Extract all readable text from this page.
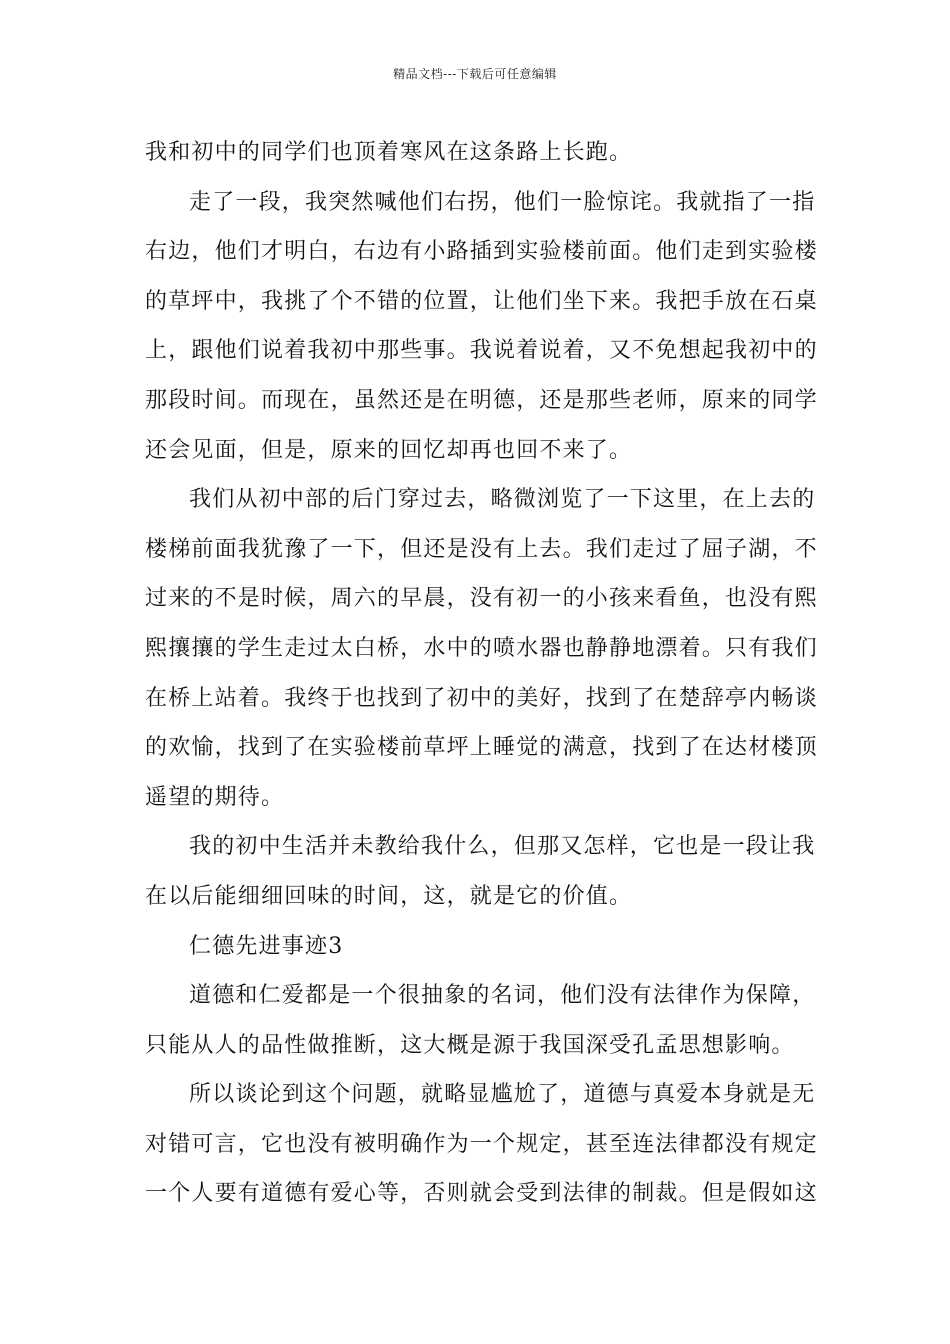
精品文档---下载后可任意编辑

我和初中的同学们也顶着寒风在这条路上长跑。

走了一段，我突然喊他们右拐，他们一脸惊诧。我就指了一指
右边，他们才明白，右边有小路插到实验楼前面。他们走到实验楼
的草坪中，我挑了个不错的位置，让他们坐下来。我把手放在石桌
上，跟他们说着我初中那些事。我说着说着，又不免想起我初中的
那段时间。而现在，虽然还是在明德，还是那些老师，原来的同学
还会见面，但是，原来的回忆却再也回不来了。

我们从初中部的后门穿过去，略微浏览了一下这里，在上去的
楼梯前面我犹豫了一下，但还是没有上去。我们走过了屈子湖，不
过来的不是时候，周六的早晨，没有初一的小孩来看鱼，也没有熙
熙攘攘的学生走过太白桥，水中的喷水器也静静地漂着。只有我们
在桥上站着。我终于也找到了初中的美好，找到了在楚辞亭内畅谈
的欢愉，找到了在实验楼前草坪上睡觉的满意，找到了在达材楼顶
遥望的期待。

我的初中生活并未教给我什么，但那又怎样，它也是一段让我
在以后能细细回味的时间，这，就是它的价值。

仁德先进事迹3

道德和仁爱都是一个很抽象的名词，他们没有法律作为保障，
只能从人的品性做推断，这大概是源于我国深受孔孟思想影响。

所以谈论到这个问题，就略显尴尬了，道德与真爱本身就是无
对错可言，它也没有被明确作为一个规定，甚至连法律都没有规定
一个人要有道德有爱心等，否则就会受到法律的制裁。但是假如这
